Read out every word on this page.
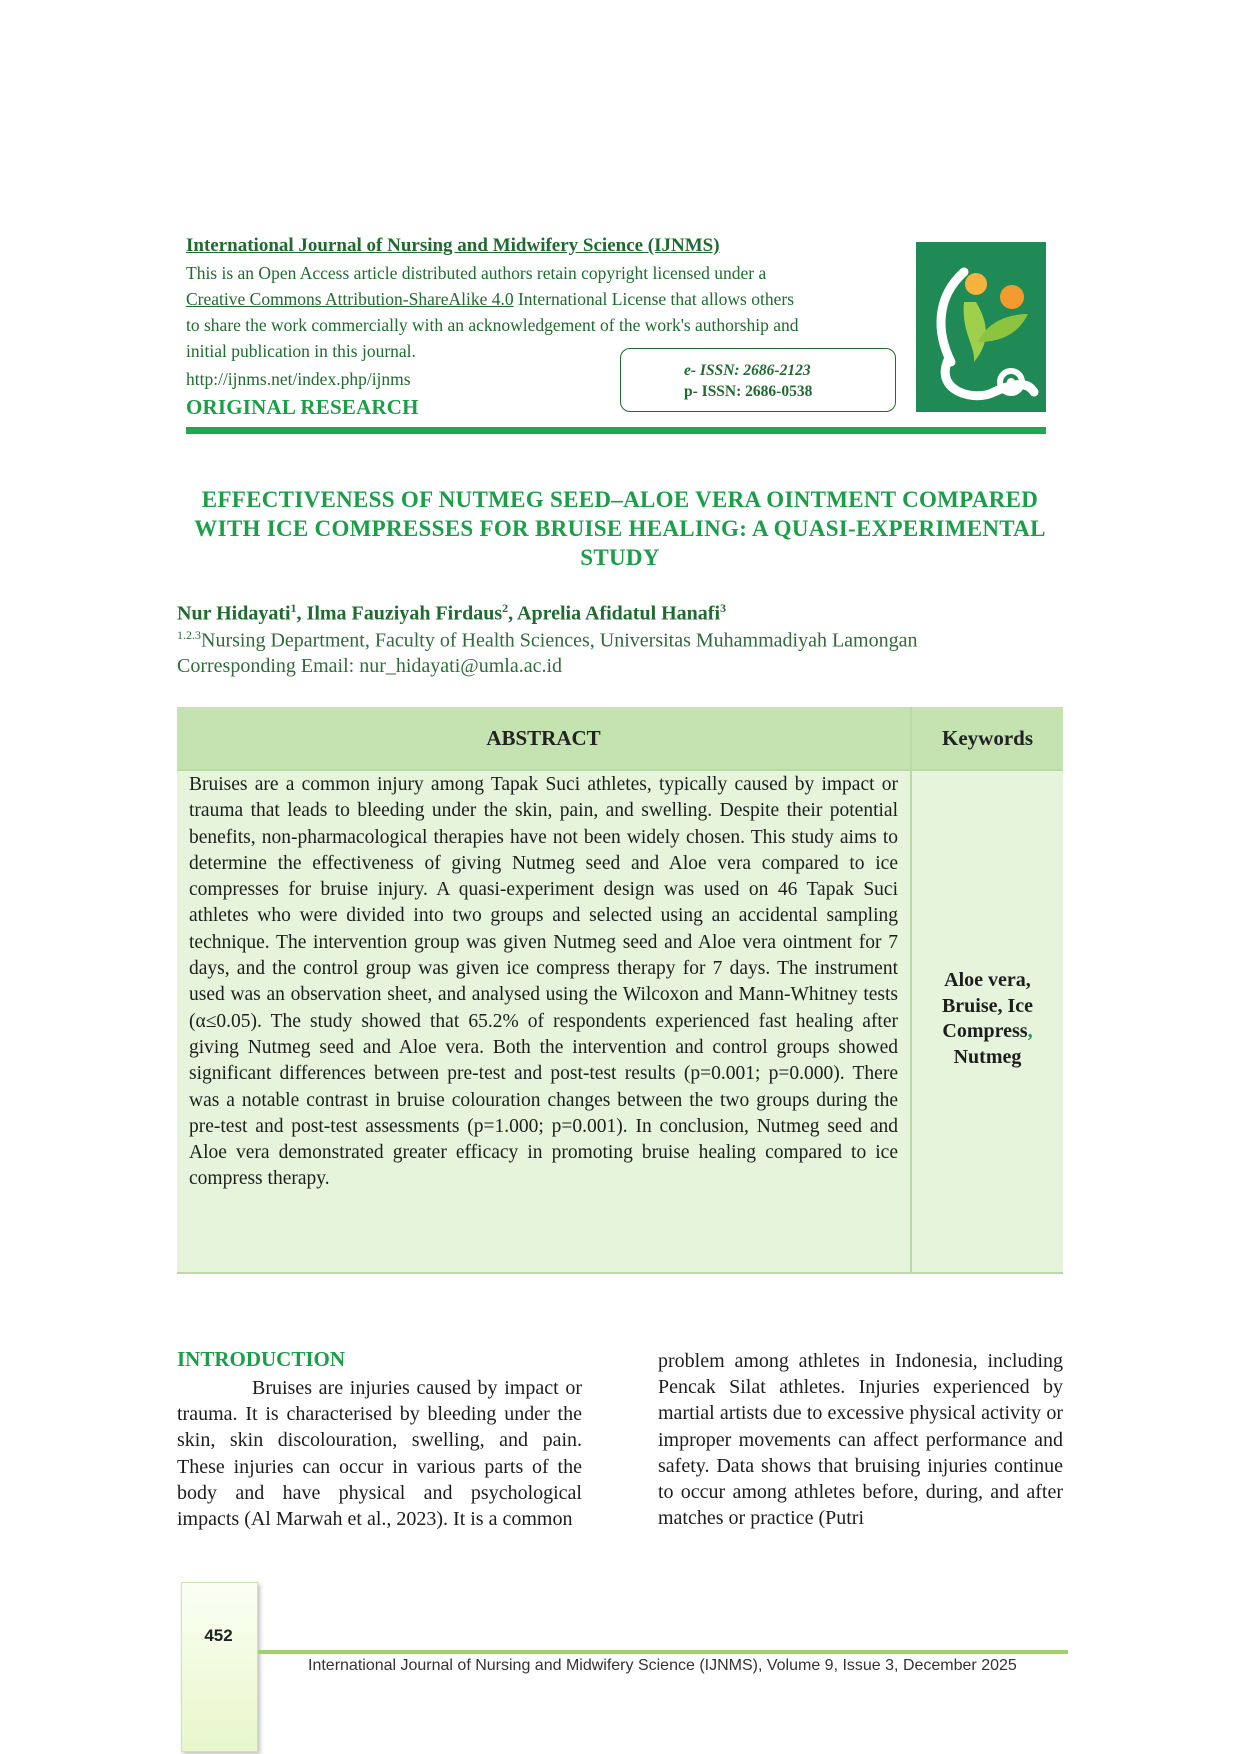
International Journal of Nursing and Midwifery Science (IJNMS)
This is an Open Access article distributed authors retain copyright licensed under a
Creative Commons Attribution-ShareAlike 4.0 International License that allows others
to share the work commercially with an acknowledgement of the work's authorship and
initial publication in this journal.
http://ijnms.net/index.php/ijnms
ORIGINAL RESEARCH
e- ISSN: 2686-2123
p- ISSN: 2686-0538
EFFECTIVENESS OF NUTMEG SEED–ALOE VERA OINTMENT COMPARED WITH ICE COMPRESSES FOR BRUISE HEALING: A QUASI-EXPERIMENTAL STUDY
Nur Hidayati$^1$, Ilma Fauziyah Firdaus$^2$, Aprelia Afidatul Hanafi$^3$
$^{1.2.3}$Nursing Department, Faculty of Health Sciences, Universitas Muhammadiyah Lamongan
Corresponding Email: nur_hidayati@umla.ac.id
ABSTRACT	Keywords
Bruises are a common injury among Tapak Suci athletes, typically caused by impact or trauma that leads to bleeding under the skin, pain, and swelling. Despite their potential benefits, non-pharmacological therapies have not been widely chosen. This study aims to determine the effectiveness of giving Nutmeg seed and Aloe vera compared to ice compresses for bruise injury. A quasi-experiment design was used on 46 Tapak Suci athletes who were divided into two groups and selected using an accidental sampling technique. The intervention group was given Nutmeg seed and Aloe vera ointment for 7 days, and the control group was given ice compress therapy for 7 days. The instrument used was an observation sheet, and analysed using the Wilcoxon and Mann-Whitney tests (α≤0.05). The study showed that 65.2% of respondents experienced fast healing after giving Nutmeg seed and Aloe vera. Both the intervention and control groups showed significant differences between pre-test and post-test results (p=0.001; p=0.000). There was a notable contrast in bruise colouration changes between the two groups during the pre-test and post-test assessments (p=1.000; p=0.001). In conclusion, Nutmeg seed and Aloe vera demonstrated greater efficacy in promoting bruise healing compared to ice compress therapy.
Aloe vera,
Bruise, Ice
Compress,
Nutmeg
INTRODUCTION
Bruises are injuries caused by impact or trauma. It is characterised by bleeding under the skin, skin discolouration, swelling, and pain. These injuries can occur in various parts of the body and have physical and psychological impacts (Al Marwah et al., 2023). It is a common
problem among athletes in Indonesia, including Pencak Silat athletes. Injuries experienced by martial artists due to excessive physical activity or improper movements can affect performance and safety. Data shows that bruising injuries continue to occur among athletes before, during, and after matches or practice (Putri
452
International Journal of Nursing and Midwifery Science (IJNMS), Volume 9, Issue 3, December 2025
